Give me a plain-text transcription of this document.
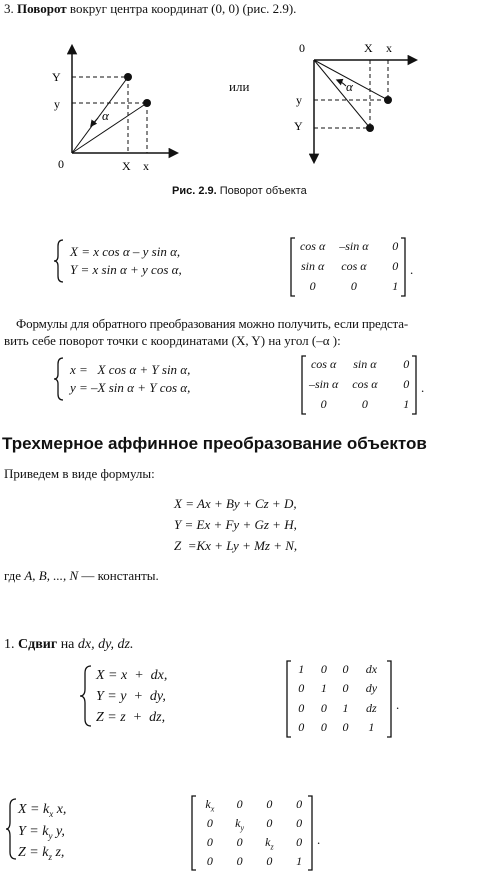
3. Поворот вокруг центра координат (0, 0) (рис. 2.9).
Y
y
0	X x
α
или
0	X x
y
Y
α
Рис. 2.9. Поворот объекта
X = x cos α – y sin α,
Y = x sin α + y cos α,
cos α –sin α 0
sin α cos α 0
0	0	1
.
Формулы для обратного преобразования можно получить, если предста-
вить себе поворот точки с координатами (X, Y) на угол (–α ):
x =   X cos α + Y sin α,
y = –X sin α + Y cos α,
cos α sin α 0
–sin α cos α 0
0	0	1
.
Трехмерное аффинное преобразование объектов
Приведем в виде формулы:
X = Ax + By + Cz + D,
Y = Ex + Fy + Gz + H,
Z  =Kx + Ly + Mz + N,
где A, B, ..., N — константы.
1. Сдвиг на dx, dy, dz.
X = x  +  dx,
Y = y  +  dy,
Z = z  +  dz,
1 0 0 dx
0 1 0 dy
0 0 1 dz
0 0 0 1
.
$X = k_x$ x,
$Y = k_y$ y,
$Z = k_z$ z,
$k_x$ 0 0 0
0 $k_y$ 0 0
0 0 $k_z$ 0
0 0 0 1
.
